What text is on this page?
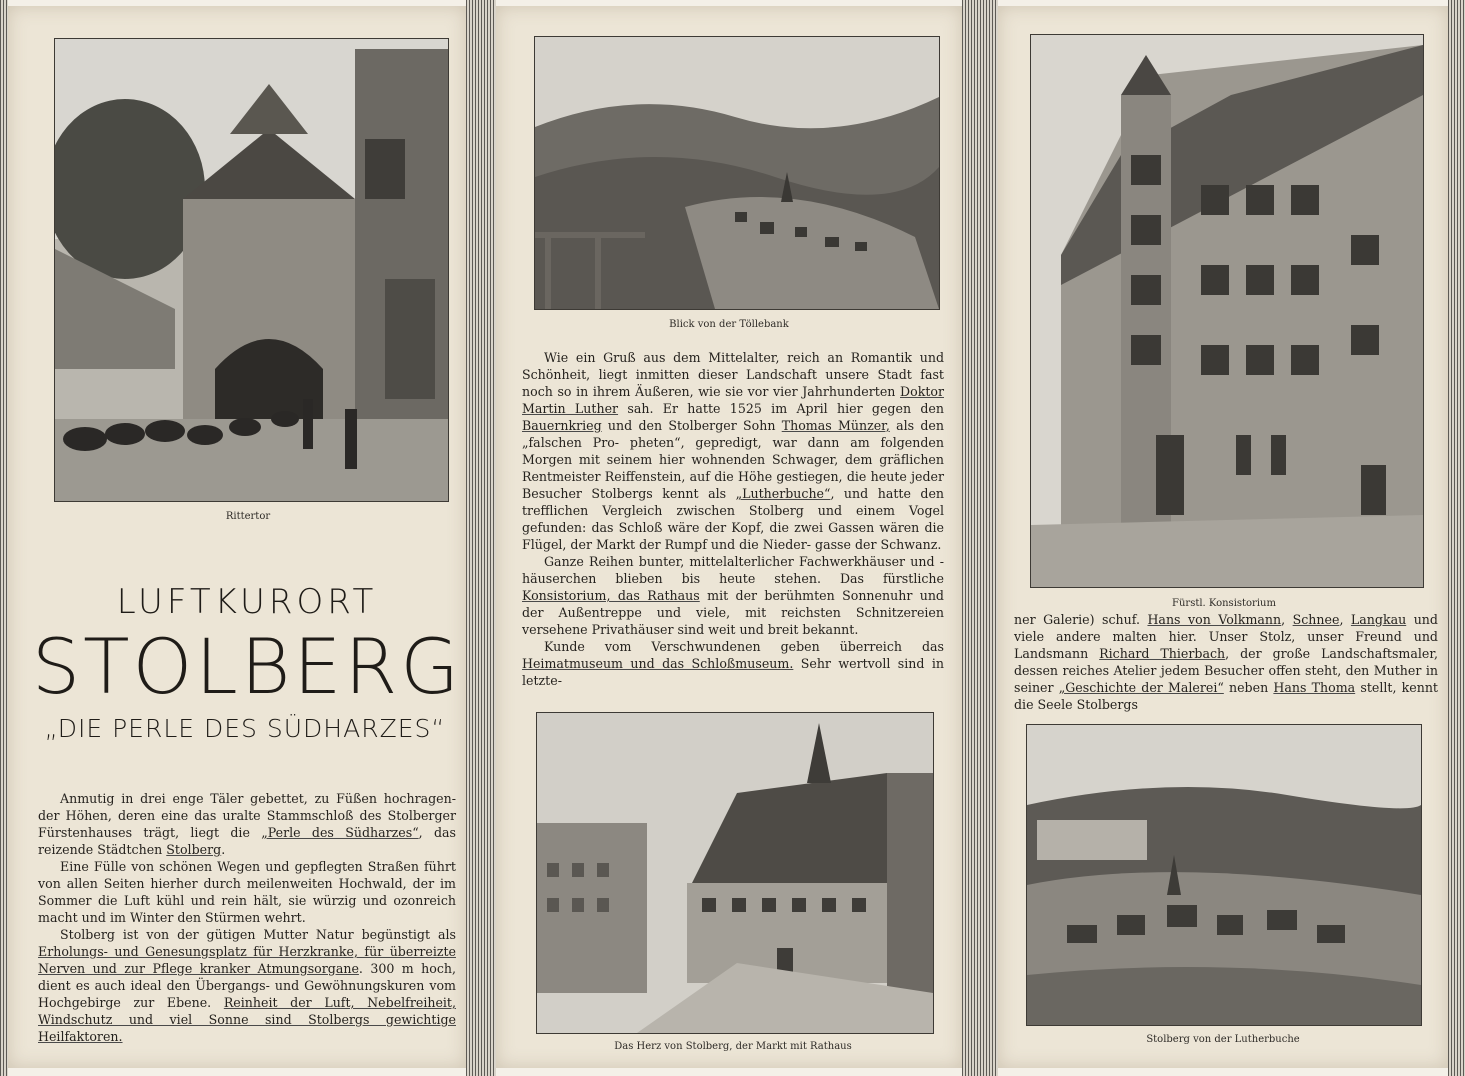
Rittertor
LUFTKURORT
STOLBERG
„DIE PERLE DES SÜDHARZES“

Anmutig in drei enge Täler gebettet, zu Füßen hochragen- der Höhen, deren eine das uralte Stammschloß des Stolberger Fürstenhauses trägt, liegt die „Perle des Südharzes“, das reizende Städtchen Stolberg.

Eine Fülle von schönen Wegen und gepflegten Straßen führt von allen Seiten hierher durch meilenweiten Hochwald, der im Sommer die Luft kühl und rein hält, sie würzig und ozonreich macht und im Winter den Stürmen wehrt.

Stolberg ist von der gütigen Mutter Natur begünstigt als Erholungs- und Genesungsplatz für Herzkranke, für überreizte Nerven und zur Pflege kranker Atmungsorgane. 300 m hoch, dient es auch ideal den Übergangs- und Gewöhnungskuren vom Hochgebirge zur Ebene. Reinheit der Luft, Nebelfreiheit, Windschutz und viel Sonne sind Stolbergs gewichtige Heilfaktoren.

Blick von der Töllebank

Wie ein Gruß aus dem Mittelalter, reich an Romantik und Schönheit, liegt inmitten dieser Landschaft unsere Stadt fast noch so in ihrem Äußeren, wie sie vor vier Jahrhunderten Doktor Martin Luther sah. Er hatte 1525 im April hier gegen den Bauernkrieg und den Stolberger Sohn Thomas Münzer, als den „falschen Pro- pheten“, gepredigt, war dann am folgenden Morgen mit seinem hier wohnenden Schwager, dem gräflichen Rentmeister Reiffenstein, auf die Höhe gestiegen, die heute jeder Besucher Stolbergs kennt als „Lutherbuche“, und hatte den trefflichen Vergleich zwischen Stolberg und einem Vogel gefunden: das Schloß wäre der Kopf, die zwei Gassen wären die Flügel, der Markt der Rumpf und die Nieder- gasse der Schwanz.

Ganze Reihen bunter, mittelalterlicher Fachwerkhäuser und -häuserchen blieben bis heute stehen. Das fürstliche Konsistorium, das Rathaus mit der berühmten Sonnenuhr und der Außentreppe und viele, mit reichsten Schnitzereien versehene Privathäuser sind weit und breit bekannt.

Kunde vom Verschwundenen geben überreich das Heimatmuseum und das Schloßmuseum. Sehr wertvoll sind in letzte-

Das Herz von Stolberg, der Markt mit Rathaus
Fürstl. Konsistorium

ner Galerie) schuf. Hans von Volkmann, Schnee, Langkau und viele andere malten hier. Unser Stolz, unser Freund und Landsmann Richard Thierbach, der große Landschaftsmaler, dessen reiches Atelier jedem Besucher offen steht, den Muther in seiner „Geschichte der Malerei“ neben Hans Thoma stellt, kennt die Seele Stolbergs

Stolberg von der Lutherbuche
